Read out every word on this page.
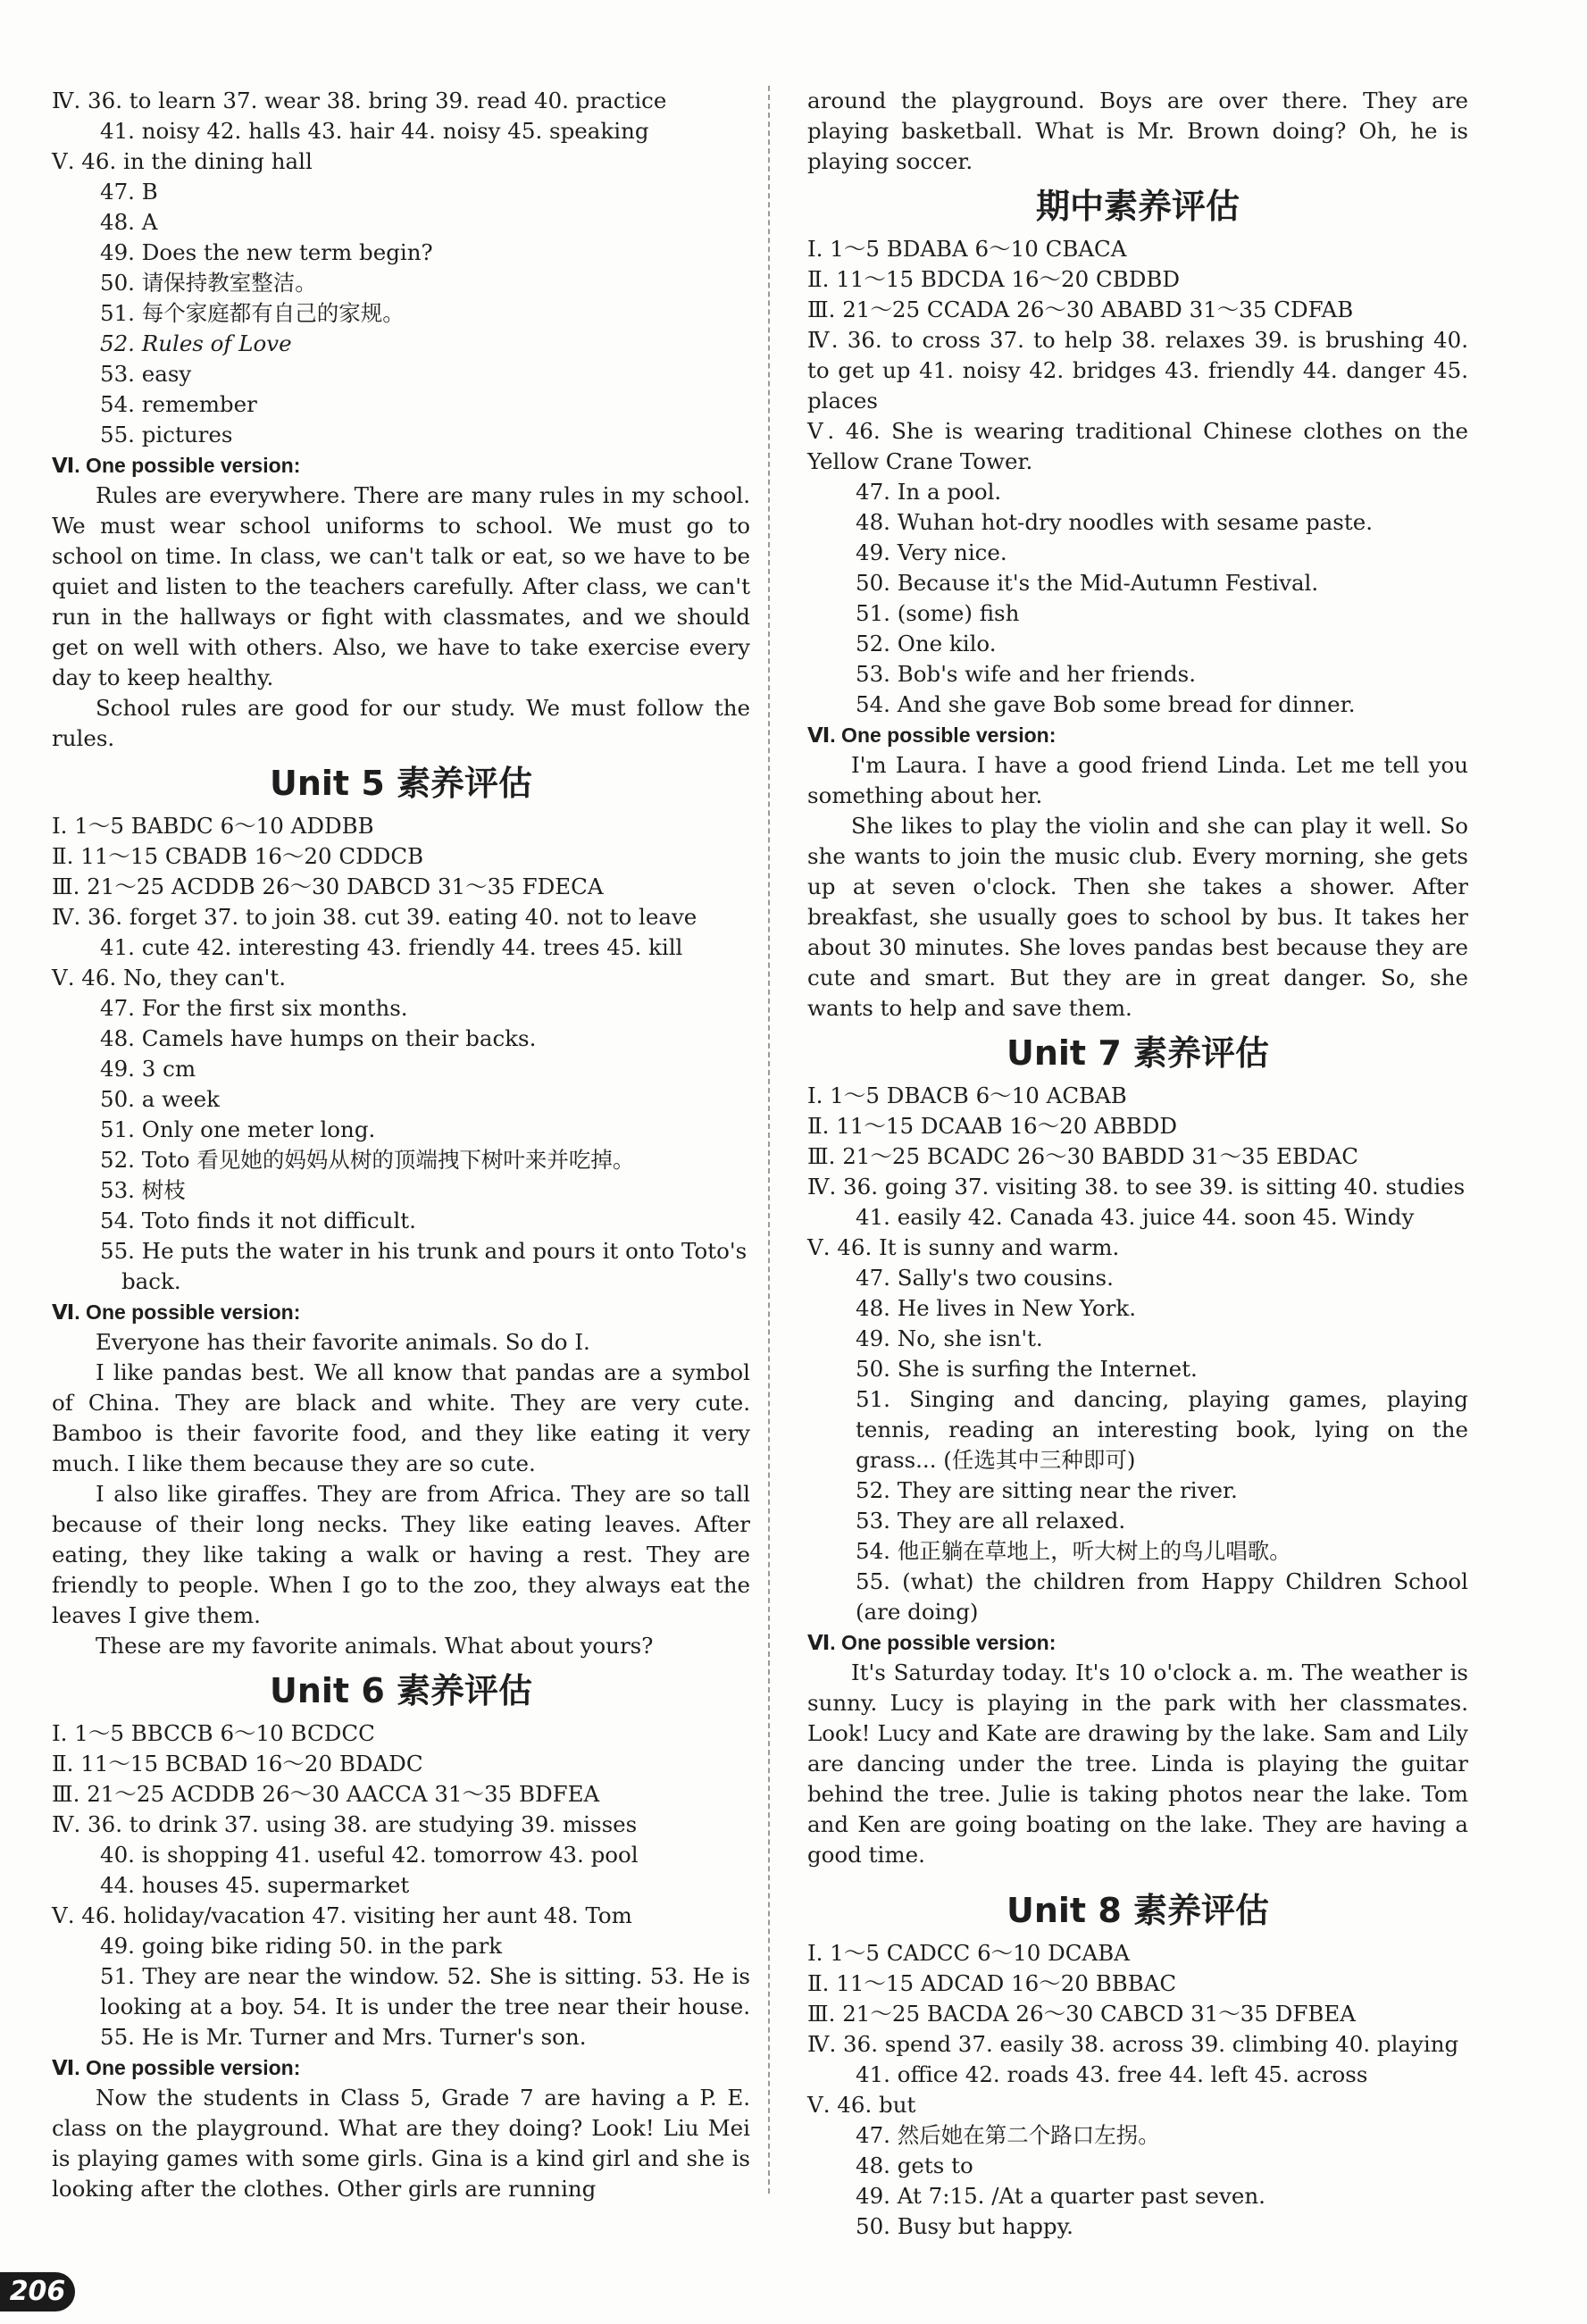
Ⅳ. 36. to learn 37. wear 38. bring 39. read 40. practice
41. noisy 42. halls 43. hair 44. noisy 45. speaking
Ⅴ. 46. in the dining hall
47. B
48. A
49. Does the new term begin?
50. 请保持教室整洁。
51. 每个家庭都有自己的家规。
52. Rules of Love
53. easy
54. remember
55. pictures
Ⅵ. One possible version:
Rules are everywhere. There are many rules in my school. We must wear school uniforms to school. We must go to school on time. In class, we can't talk or eat, so we have to be quiet and listen to the teachers carefully. After class, we can't run in the hallways or fight with classmates, and we should get on well with others. Also, we have to take exercise every day to keep healthy.
School rules are good for our study. We must follow the rules.
Unit 5 素养评估
Ⅰ. 1～5 BABDC 6～10 ADDBB
Ⅱ. 11～15 CBADB 16～20 CDDCB
Ⅲ. 21～25 ACDDB 26～30 DABCD 31～35 FDECA
Ⅳ. 36. forget 37. to join 38. cut 39. eating 40. not to leave
41. cute 42. interesting 43. friendly 44. trees 45. kill
Ⅴ. 46. No, they can't.
47. For the first six months.
48. Camels have humps on their backs.
49. 3 cm
50. a week
51. Only one meter long.
52. Toto 看见她的妈妈从树的顶端拽下树叶来并吃掉。
53. 树枝
54. Toto finds it not difficult.
55. He puts the water in his trunk and pours it onto Toto's back.
Ⅵ. One possible version:
Everyone has their favorite animals. So do I.
I like pandas best. We all know that pandas are a symbol of China. They are black and white. They are very cute. Bamboo is their favorite food, and they like eating it very much. I like them because they are so cute.
I also like giraffes. They are from Africa. They are so tall because of their long necks. They like eating leaves. After eating, they like taking a walk or having a rest. They are friendly to people. When I go to the zoo, they always eat the leaves I give them.
These are my favorite animals. What about yours?
Unit 6 素养评估
Ⅰ. 1～5 BBCCB 6～10 BCDCC
Ⅱ. 11～15 BCBAD 16～20 BDADC
Ⅲ. 21～25 ACDDB 26～30 AACCA 31～35 BDFEA
Ⅳ. 36. to drink 37. using 38. are studying 39. misses
40. is shopping 41. useful 42. tomorrow 43. pool
44. houses 45. supermarket
Ⅴ. 46. holiday/vacation 47. visiting her aunt 48. Tom
49. going bike riding 50. in the park
51. They are near the window. 52. She is sitting. 53. He is looking at a boy. 54. It is under the tree near their house. 55. He is Mr. Turner and Mrs. Turner's son.
Ⅵ. One possible version:
Now the students in Class 5, Grade 7 are having a P. E. class on the playground. What are they doing? Look! Liu Mei is playing games with some girls. Gina is a kind girl and she is looking after the clothes. Other girls are running
around the playground. Boys are over there. They are playing basketball. What is Mr. Brown doing? Oh, he is playing soccer.
期中素养评估
Ⅰ. 1～5 BDABA 6～10 CBACA
Ⅱ. 11～15 BDCDA 16～20 CBDBD
Ⅲ. 21～25 CCADA 26～30 ABABD 31～35 CDFAB
Ⅳ. 36. to cross 37. to help 38. relaxes 39. is brushing 40. to get up 41. noisy 42. bridges 43. friendly 44. danger 45. places
Ⅴ. 46. She is wearing traditional Chinese clothes on the Yellow Crane Tower.
47. In a pool.
48. Wuhan hot-dry noodles with sesame paste.
49. Very nice.
50. Because it's the Mid-Autumn Festival.
51. (some) fish
52. One kilo.
53. Bob's wife and her friends.
54. And she gave Bob some bread for dinner.
Ⅵ. One possible version:
I'm Laura. I have a good friend Linda. Let me tell you something about her.
She likes to play the violin and she can play it well. So she wants to join the music club. Every morning, she gets up at seven o'clock. Then she takes a shower. After breakfast, she usually goes to school by bus. It takes her about 30 minutes. She loves pandas best because they are cute and smart. But they are in great danger. So, she wants to help and save them.
Unit 7 素养评估
Ⅰ. 1～5 DBACB 6～10 ACBAB
Ⅱ. 11～15 DCAAB 16～20 ABBDD
Ⅲ. 21～25 BCADC 26～30 BABDD 31～35 EBDAC
Ⅳ. 36. going 37. visiting 38. to see 39. is sitting 40. studies
41. easily 42. Canada 43. juice 44. soon 45. Windy
Ⅴ. 46. It is sunny and warm.
47. Sally's two cousins.
48. He lives in New York.
49. No, she isn't.
50. She is surfing the Internet.
51. Singing and dancing, playing games, playing tennis, reading an interesting book, lying on the grass... (任选其中三种即可)
52. They are sitting near the river.
53. They are all relaxed.
54. 他正躺在草地上，听大树上的鸟儿唱歌。
55. (what) the children from Happy Children School (are doing)
Ⅵ. One possible version:
It's Saturday today. It's 10 o'clock a. m. The weather is sunny. Lucy is playing in the park with her classmates. Look! Lucy and Kate are drawing by the lake. Sam and Lily are dancing under the tree. Linda is playing the guitar behind the tree. Julie is taking photos near the lake. Tom and Ken are going boating on the lake. They are having a good time.
Unit 8 素养评估
Ⅰ. 1～5 CADCC 6～10 DCABA
Ⅱ. 11～15 ADCAD 16～20 BBBAC
Ⅲ. 21～25 BACDA 26～30 CABCD 31～35 DFBEA
Ⅳ. 36. spend 37. easily 38. across 39. climbing 40. playing
41. office 42. roads 43. free 44. left 45. across
Ⅴ. 46. but
47. 然后她在第二个路口左拐。
48. gets to
49. At 7:15. /At a quarter past seven.
50. Busy but happy.
206
